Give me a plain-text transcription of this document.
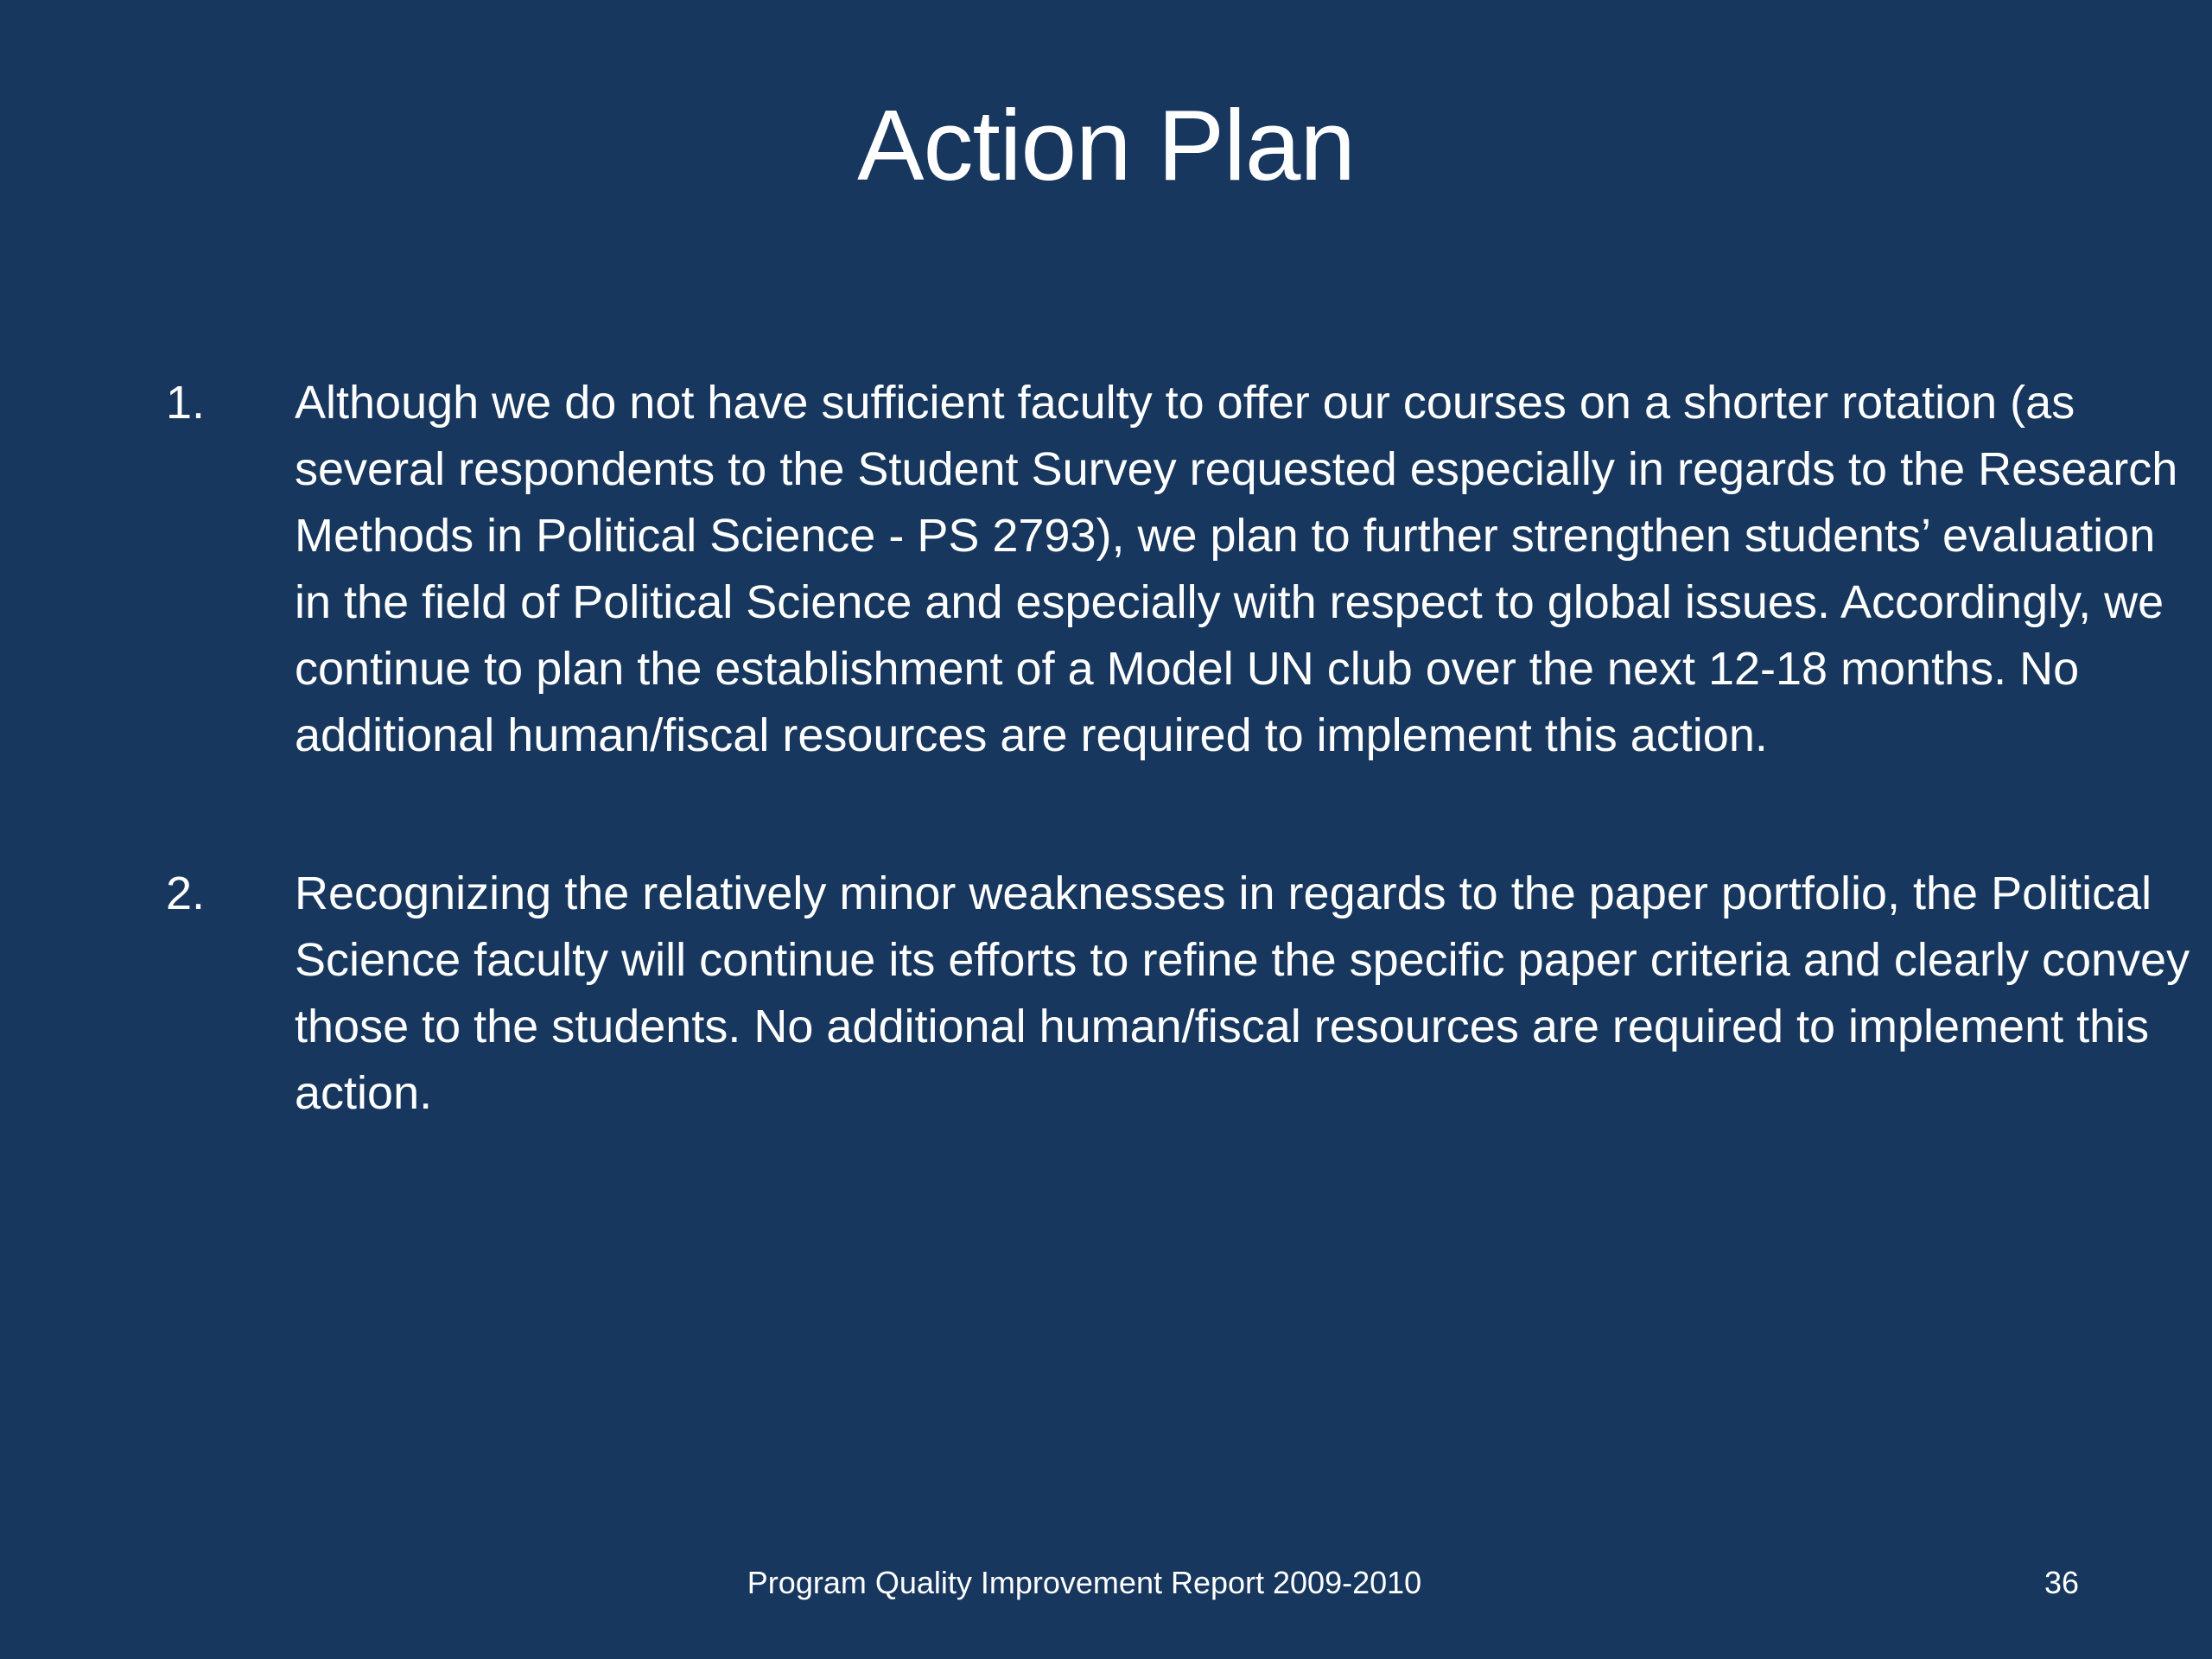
Action Plan
1. Although we do not have sufficient faculty to offer our courses on a shorter rotation (as several respondents to the Student Survey requested especially in regards to the Research Methods in Political Science - PS 2793), we plan to further strengthen students’ evaluation in the field of Political Science and especially with respect to global issues. Accordingly, we continue to plan the establishment of a Model UN club over the next 12-18 months. No additional human/fiscal resources are required to implement this action.
2. Recognizing the relatively minor weaknesses in regards to the paper portfolio, the Political Science faculty will continue its efforts to refine the specific paper criteria and clearly convey those to the students. No additional human/fiscal resources are required to implement this action.
Program Quality Improvement Report 2009-2010	36
